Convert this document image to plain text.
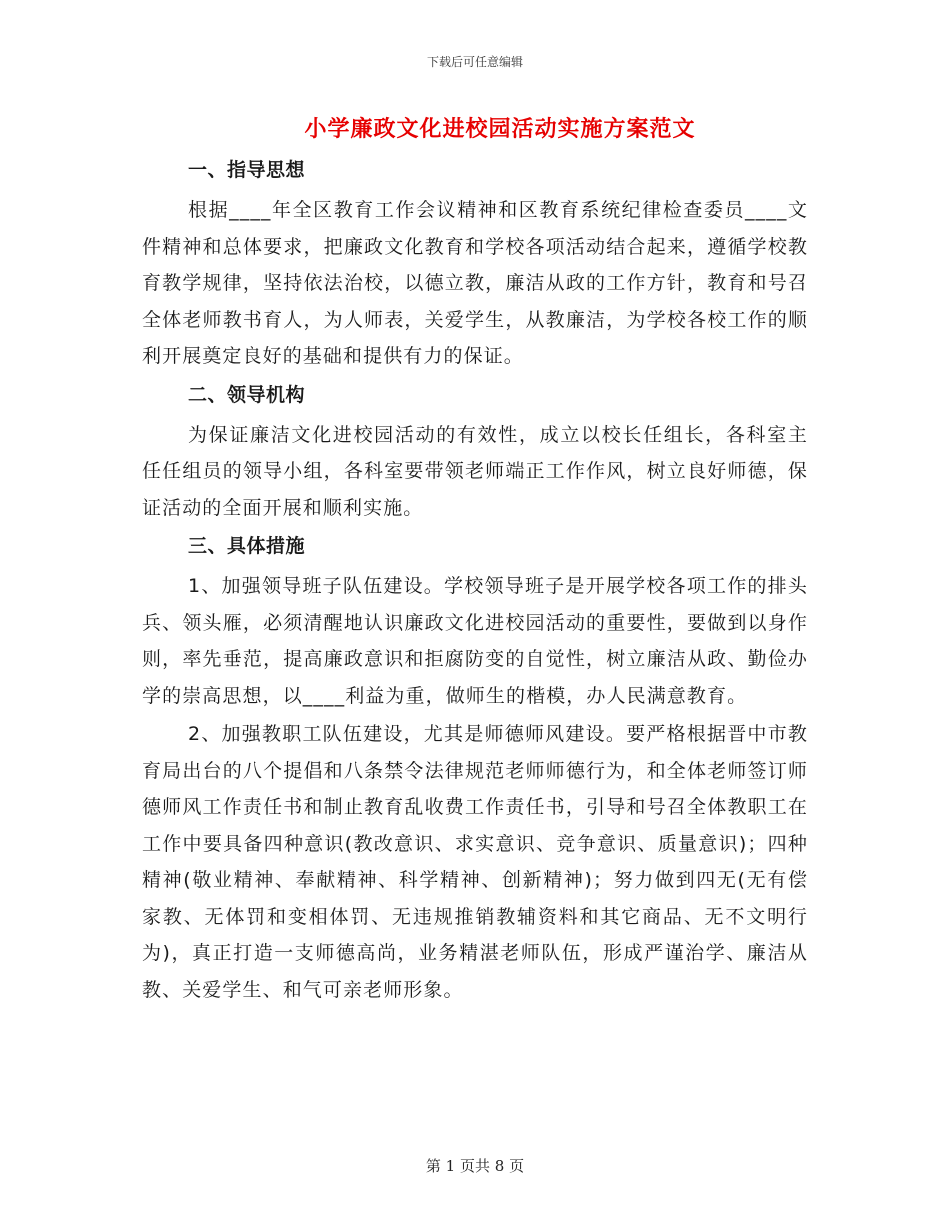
下载后可任意编辑
小学廉政文化进校园活动实施方案范文
一、指导思想

根据____年全区教育工作会议精神和区教育系统纪律检查委员____文件精神和总体要求，把廉政文化教育和学校各项活动结合起来，遵循学校教育教学规律，坚持依法治校，以德立教，廉洁从政的工作方针，教育和号召全体老师教书育人，为人师表，关爱学生，从教廉洁，为学校各校工作的顺利开展奠定良好的基础和提供有力的保证。

二、领导机构

为保证廉洁文化进校园活动的有效性，成立以校长任组长，各科室主任任组员的领导小组，各科室要带领老师端正工作作风，树立良好师德，保证活动的全面开展和顺利实施。

三、具体措施

1、加强领导班子队伍建设。学校领导班子是开展学校各项工作的排头兵、领头雁，必须清醒地认识廉政文化进校园活动的重要性，要做到以身作则，率先垂范，提高廉政意识和拒腐防变的自觉性，树立廉洁从政、勤俭办学的崇高思想，以____利益为重，做师生的楷模，办人民满意教育。

2、加强教职工队伍建设，尤其是师德师风建设。要严格根据晋中市教育局出台的八个提倡和八条禁令法律规范老师师德行为，和全体老师签订师德师风工作责任书和制止教育乱收费工作责任书，引导和号召全体教职工在工作中要具备四种意识(教改意识、求实意识、竞争意识、质量意识)；四种精神(敬业精神、奉献精神、科学精神、创新精神)；努力做到四无(无有偿家教、无体罚和变相体罚、无违规推销教辅资料和其它商品、无不文明行为)，真正打造一支师德高尚，业务精湛老师队伍，形成严谨治学、廉洁从教、关爱学生、和气可亲老师形象。

第 1 页共 8 页
